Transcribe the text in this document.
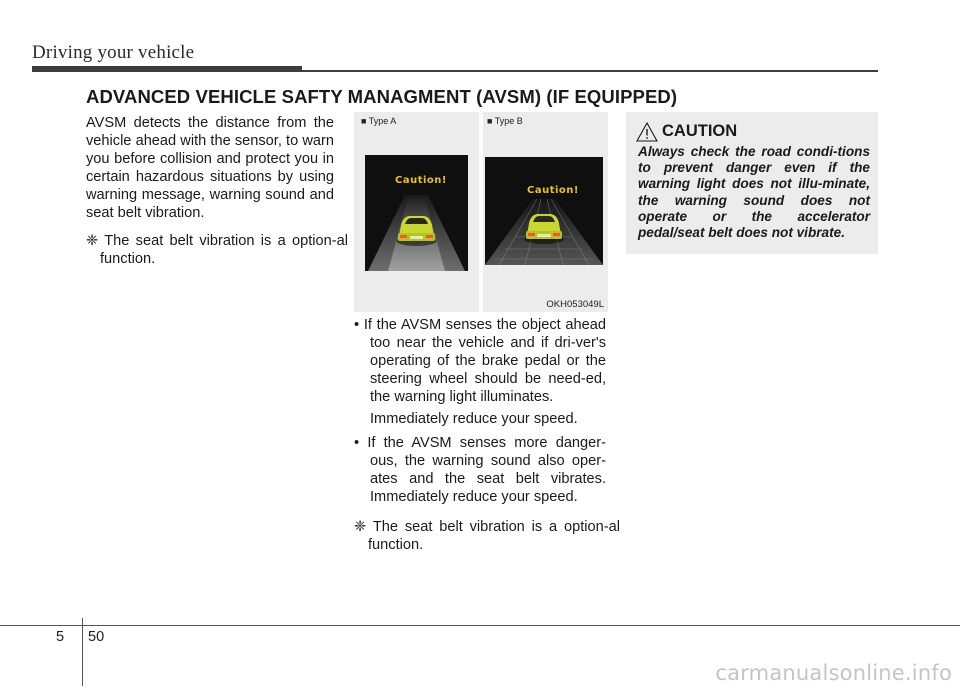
Driving your vehicle
ADVANCED VEHICLE SAFTY MANAGMENT (AVSM) (IF EQUIPPED)
AVSM detects the distance from the vehicle ahead with the sensor, to warn you before collision and protect you in certain hazardous situations by using warning message, warning sound and seat belt vibration.
❈ The seat belt vibration is a option-al function.
■ Type A
Caution!
■ Type B
Caution!
OKH053049L
• If the AVSM senses the object ahead too near the vehicle and if dri-ver's operating of the brake pedal or the steering wheel should be need-ed, the warning light illuminates.
Immediately reduce your speed.
• If the AVSM senses more danger-ous, the warning sound also oper-ates and the seat belt vibrates. Immediately reduce your speed.
❈ The seat belt vibration is a option-al function.
CAUTION
Always check the road condi-tions to prevent danger even if the warning light does not illu-minate, the warning sound does not operate or the accelerator pedal/seat belt does not vibrate.
5 50
carmanualsonline.info
